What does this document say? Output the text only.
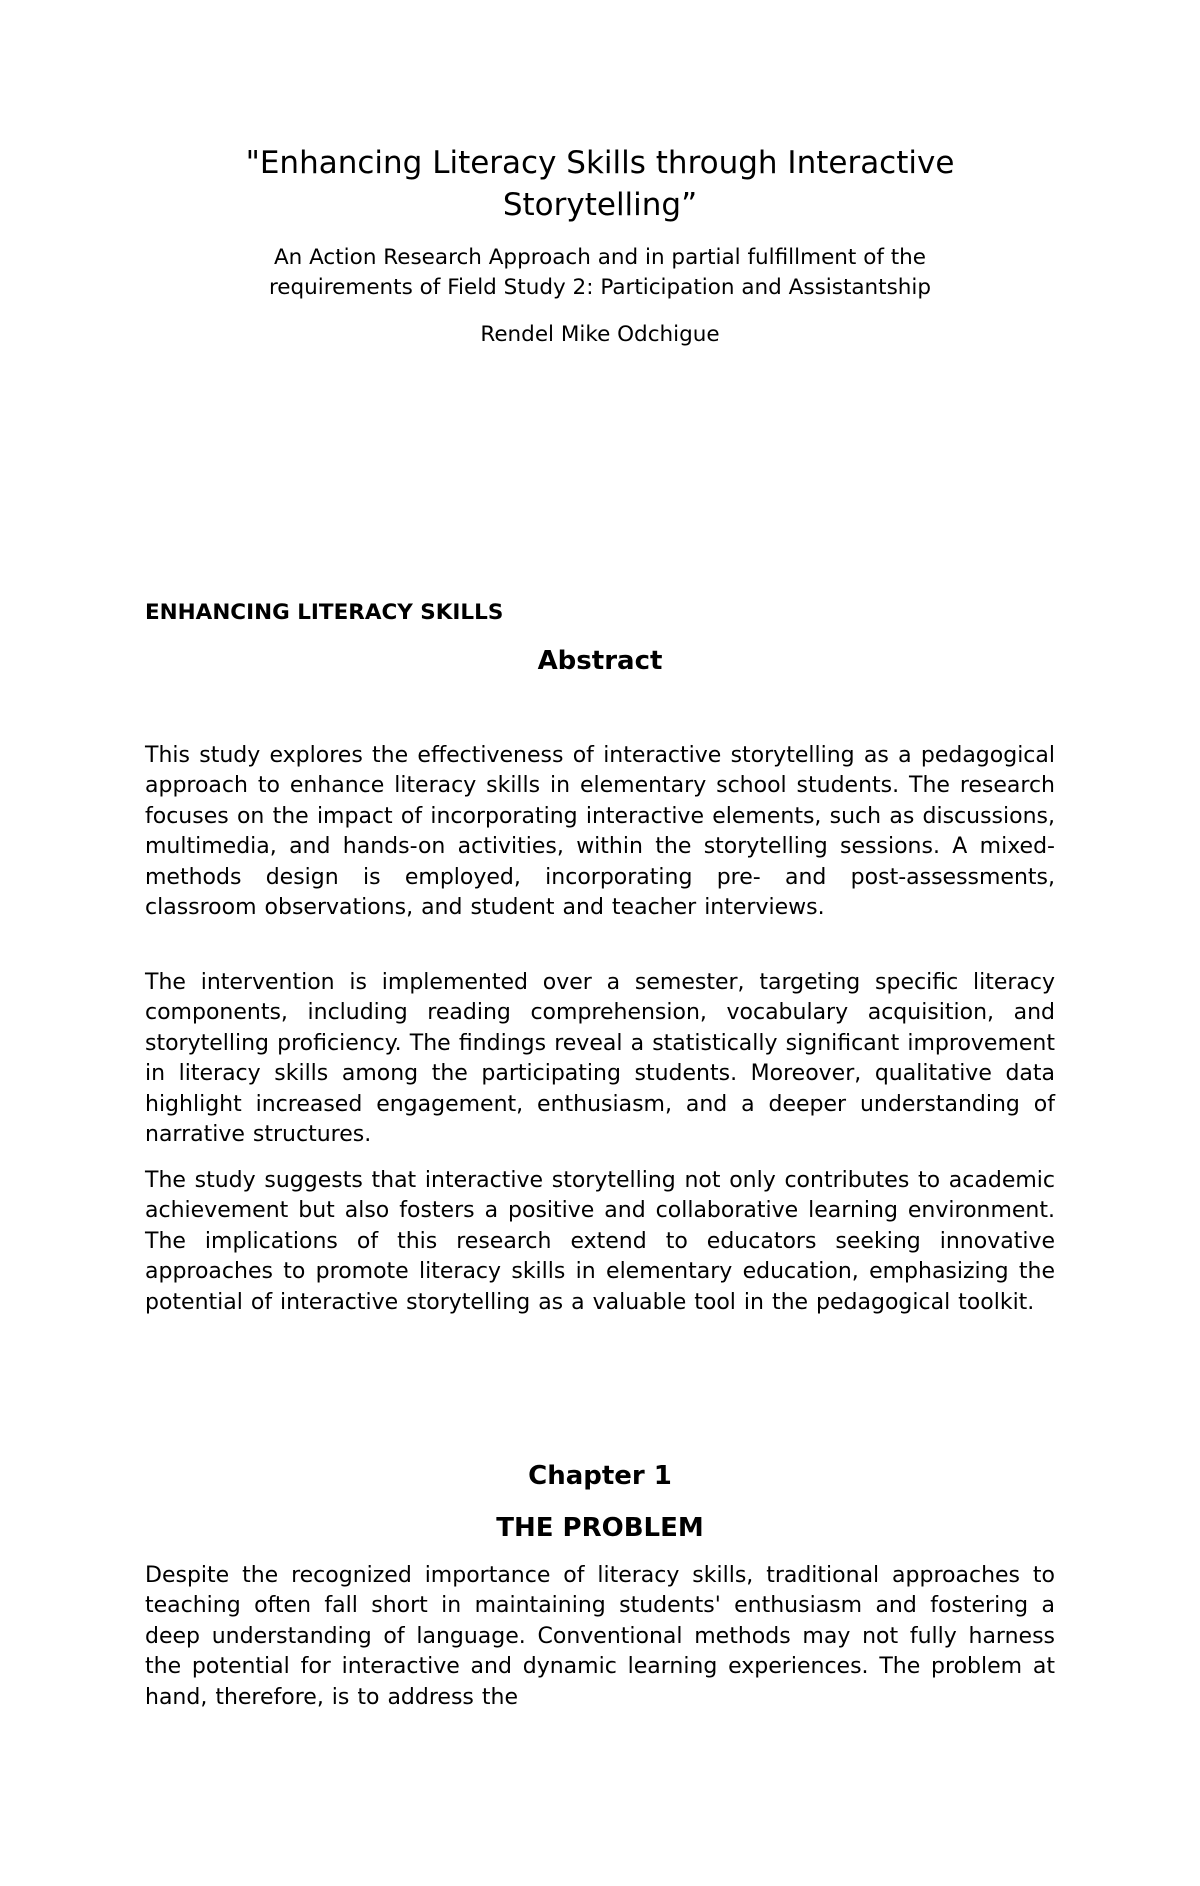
"Enhancing Literacy Skills through Interactive Storytelling”

An Action Research Approach and in partial fulfillment of the requirements of Field Study 2: Participation and Assistantship

Rendel Mike Odchigue

ENHANCING LITERACY SKILLS

Abstract

This study explores the effectiveness of interactive storytelling as a pedagogical approach to enhance literacy skills in elementary school students. The research focuses on the impact of incorporating interactive elements, such as discussions, multimedia, and hands-on activities, within the storytelling sessions. A mixed-methods design is employed, incorporating pre- and post-assessments, classroom observations, and student and teacher interviews.

The intervention is implemented over a semester, targeting specific literacy components, including reading comprehension, vocabulary acquisition, and storytelling proficiency. The findings reveal a statistically significant improvement in literacy skills among the participating students. Moreover, qualitative data highlight increased engagement, enthusiasm, and a deeper understanding of narrative structures.

The study suggests that interactive storytelling not only contributes to academic achievement but also fosters a positive and collaborative learning environment. The implications of this research extend to educators seeking innovative approaches to promote literacy skills in elementary education, emphasizing the potential of interactive storytelling as a valuable tool in the pedagogical toolkit.

Chapter 1
THE PROBLEM

Despite the recognized importance of literacy skills, traditional approaches to teaching often fall short in maintaining students' enthusiasm and fostering a deep understanding of language. Conventional methods may not fully harness the potential for interactive and dynamic learning experiences. The problem at hand, therefore, is to address the
